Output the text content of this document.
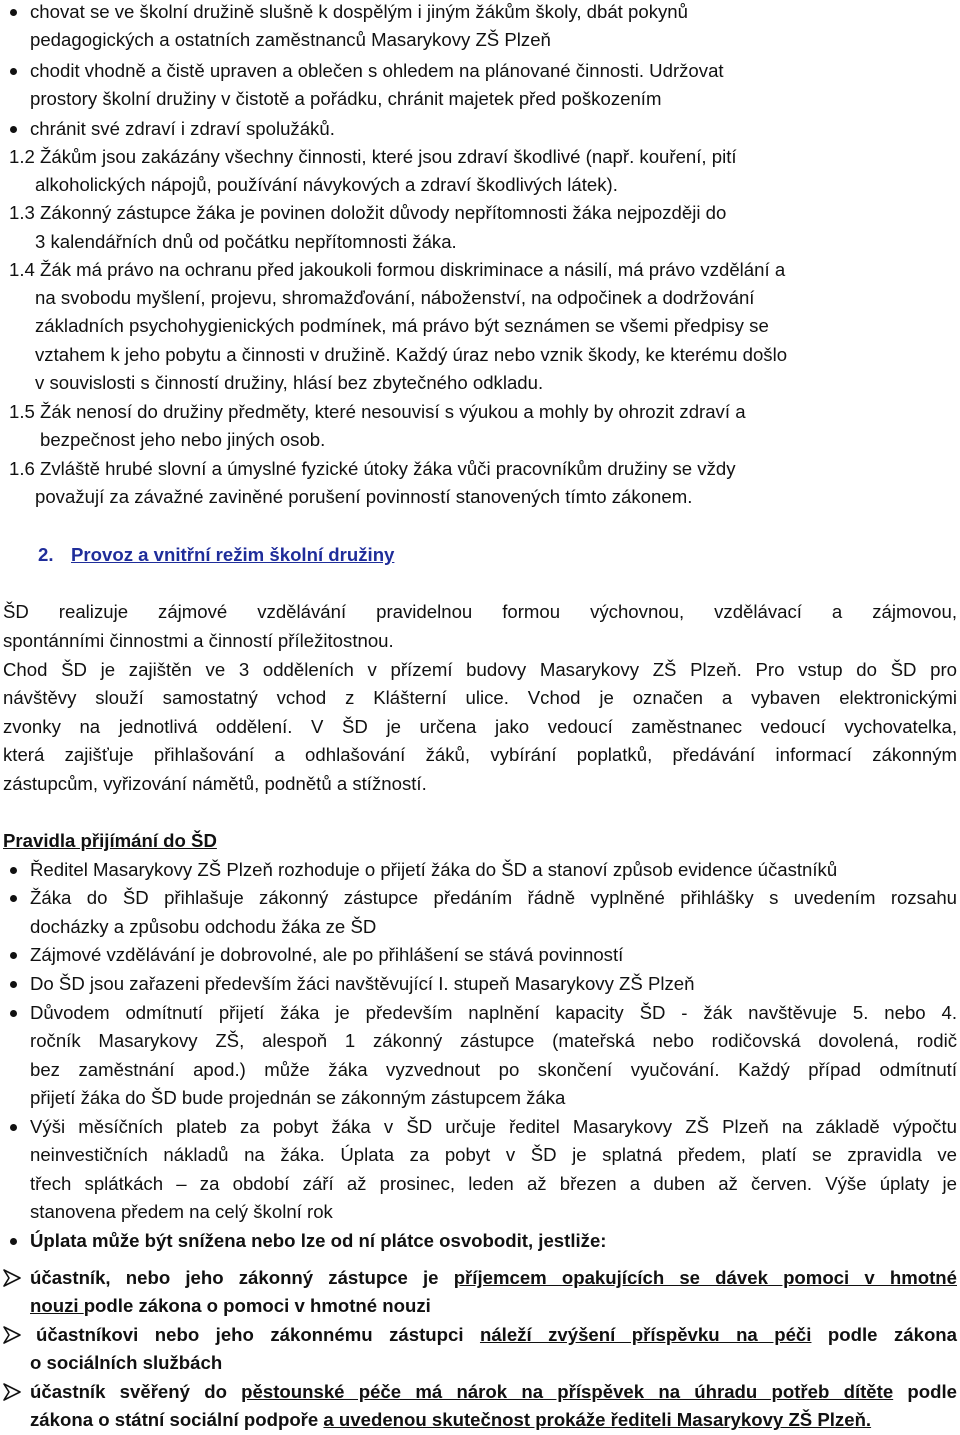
chovat se ve školní družině slušně k dospělým i jiným žákům školy, dbát pokynů
pedagogických a ostatních zaměstnanců Masarykovy ZŠ Plzeň
chodit vhodně a čistě upraven a oblečen s ohledem na plánované činnosti. Udržovat
prostory školní družiny v čistotě a pořádku, chránit majetek před poškozením
chránit své zdraví i zdraví spolužáků.
1.2 Žákům jsou zakázány všechny činnosti, které jsou zdraví škodlivé (např. kouření, pití
alkoholických nápojů, používání návykových a zdraví škodlivých látek).
1.3 Zákonný zástupce žáka je povinen doložit důvody nepřítomnosti žáka nejpozději do
3 kalendářních dnů od počátku nepřítomnosti žáka.
1.4 Žák má právo na ochranu před jakoukoli formou diskriminace a násilí, má právo vzdělání a
na svobodu myšlení, projevu, shromažďování, náboženství, na odpočinek a dodržování
základních psychohygienických podmínek, má právo být seznámen se všemi předpisy se
vztahem k jeho pobytu a činnosti v družině. Každý úraz nebo vznik škody, ke kterému došlo
v souvislosti s činností družiny, hlásí bez zbytečného odkladu.
1.5 Žák nenosí do družiny předměty, které nesouvisí s výukou a mohly by ohrozit zdraví a
bezpečnost jeho nebo jiných osob.
1.6 Zvláště hrubé slovní a úmyslné fyzické útoky žáka vůči pracovníkům družiny se vždy
považují za závažné zaviněné porušení povinností stanovených tímto zákonem.
2. Provoz a vnitřní režim školní družiny
ŠD realizuje zájmové vzdělávání pravidelnou formou výchovnou, vzdělávací a zájmovou,
spontánními činnostmi a činností příležitostnou.
Chod ŠD je zajištěn ve 3 odděleních v přízemí budovy Masarykovy ZŠ Plzeň. Pro vstup do ŠD pro
návštěvy slouží samostatný vchod z Klášterní ulice. Vchod je označen a vybaven elektronickými
zvonky na jednotlivá oddělení. V ŠD je určena jako vedoucí zaměstnanec vedoucí vychovatelka,
která zajišťuje přihlašování a odhlašování žáků, vybírání poplatků, předávání informací zákonným
zástupcům, vyřizování námětů, podnětů a stížností.
Pravidla přijímání do ŠD
Ředitel Masarykovy ZŠ Plzeň rozhoduje o přijetí žáka do ŠD a stanoví způsob evidence účastníků
Žáka do ŠD přihlašuje zákonný zástupce předáním řádně vyplněné přihlášky s uvedením rozsahu
docházky a způsobu odchodu žáka ze ŠD
Zájmové vzdělávání je dobrovolné, ale po přihlášení se stává povinností
Do ŠD jsou zařazeni především žáci navštěvující I. stupeň Masarykovy ZŠ Plzeň
Důvodem odmítnutí přijetí žáka je především naplnění kapacity ŠD - žák navštěvuje 5. nebo 4.
ročník Masarykovy ZŠ, alespoň 1 zákonný zástupce (mateřská nebo rodičovská dovolená, rodič
bez zaměstnání apod.) může žáka vyzvednout po skončení vyučování. Každý případ odmítnutí
přijetí žáka do ŠD bude projednán se zákonným zástupcem žáka
Výši měsíčních plateb za pobyt žáka v ŠD určuje ředitel Masarykovy ZŠ Plzeň na základě výpočtu
neinvestičních nákladů na žáka. Úplata za pobyt v ŠD je splatná předem, platí se zpravidla ve
třech splátkách – za období září až prosinec, leden až březen a duben až červen. Výše úplaty je
stanovena předem na celý školní rok
Úplata může být snížena nebo lze od ní plátce osvobodit, jestliže:
účastník, nebo jeho zákonný zástupce je příjemcem opakujících se dávek pomoci v hmotné
nouzi podle zákona o pomoci v hmotné nouzi
účastníkovi nebo jeho zákonnému zástupci náleží zvýšení příspěvku na péči podle zákona
o sociálních službách
účastník svěřený do pěstounské péče má nárok na příspěvek na úhradu potřeb dítěte podle
zákona o státní sociální podpoře a uvedenou skutečnost prokáže řediteli Masarykovy ZŠ Plzeň.
